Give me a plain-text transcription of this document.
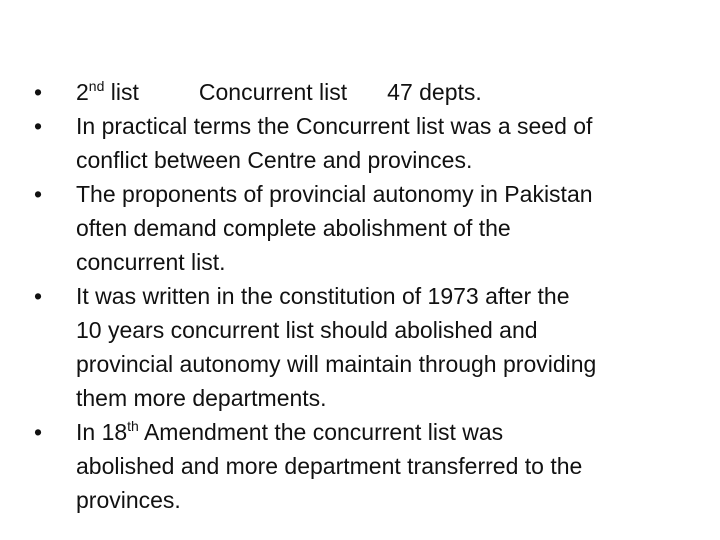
• 2nd list	Concurrent list 47 depts.
• In practical terms the Concurrent list was a seed of
conflict between Centre and provinces.
• The proponents of provincial autonomy in Pakistan
often demand complete abolishment of the
concurrent list.
• It was written in the constitution of 1973 after the
10 years concurrent list should abolished and
provincial autonomy will maintain through providing
them more departments.
• In 18th Amendment the concurrent list was
abolished and more department transferred to the
provinces.
